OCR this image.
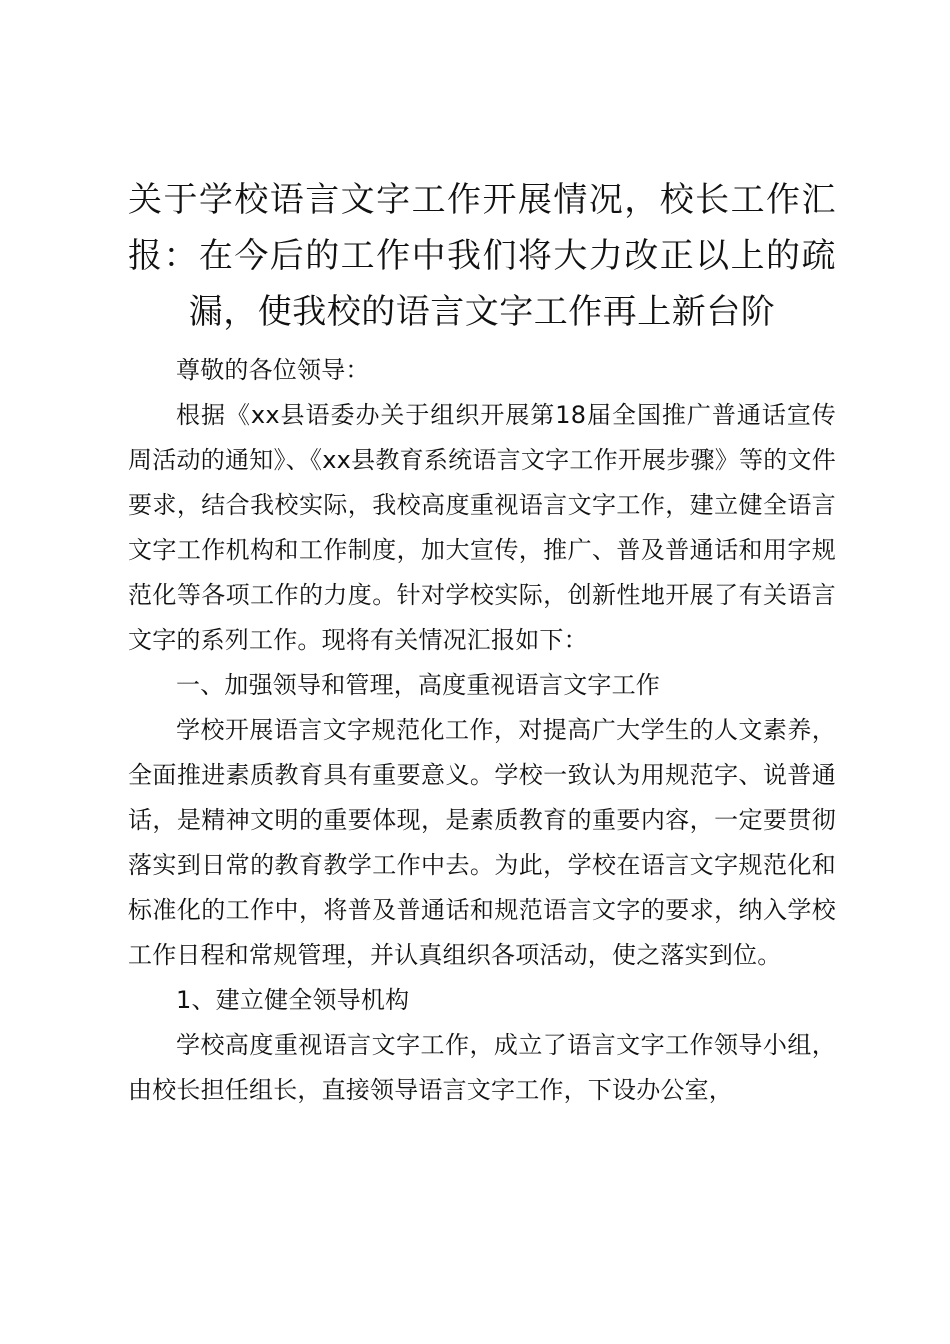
关于学校语言文字工作开展情况，校长工作汇报：在今后的工作中我们将大力改正以上的疏漏，使我校的语言文字工作再上新台阶

尊敬的各位领导：

根据《xx县语委办关于组织开展第18届全国推广普通话宣传周活动的通知》、《xx县教育系统语言文字工作开展步骤》等的文件要求，结合我校实际，我校高度重视语言文字工作，建立健全语言文字工作机构和工作制度，加大宣传，推广、普及普通话和用字规范化等各项工作的力度。针对学校实际，创新性地开展了有关语言文字的系列工作。现将有关情况汇报如下：

一、加强领导和管理，高度重视语言文字工作

学校开展语言文字规范化工作，对提高广大学生的人文素养，全面推进素质教育具有重要意义。学校一致认为用规范字、说普通话，是精神文明的重要体现，是素质教育的重要内容，一定要贯彻落实到日常的教育教学工作中去。为此，学校在语言文字规范化和标准化的工作中，将普及普通话和规范语言文字的要求，纳入学校工作日程和常规管理，并认真组织各项活动，使之落实到位。

1、建立健全领导机构

学校高度重视语言文字工作，成立了语言文字工作领导小组，由校长担任组长，直接领导语言文字工作，下设办公室，
